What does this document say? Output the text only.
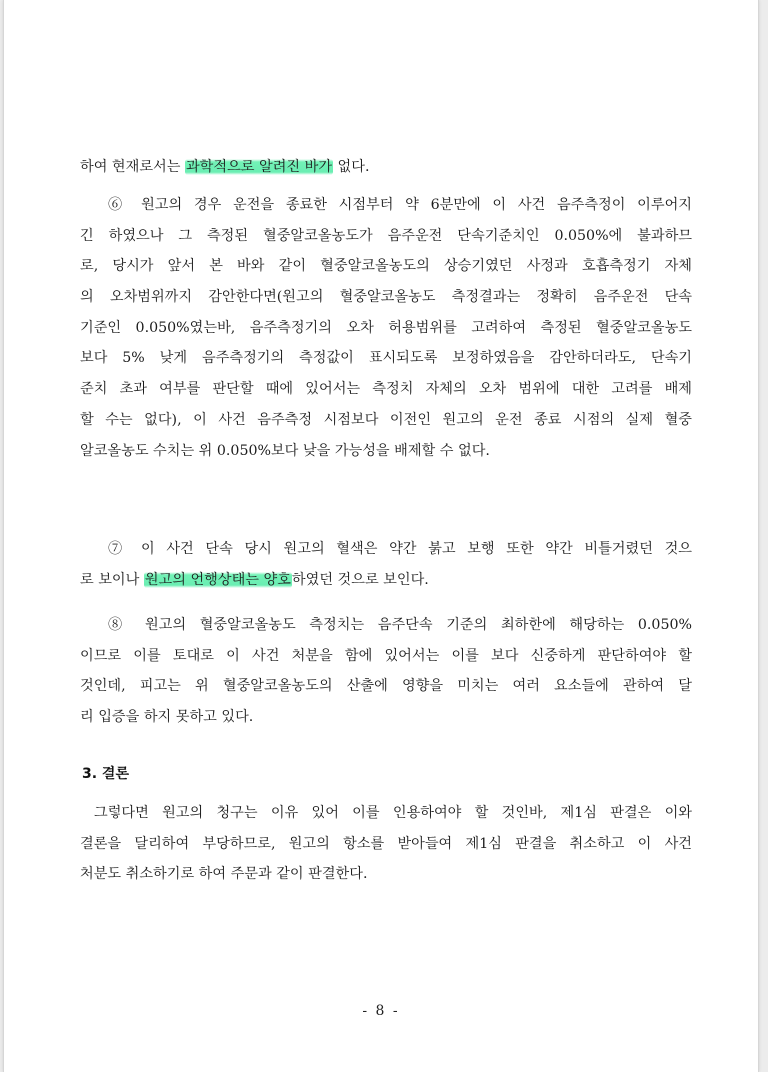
하여 현재로서는 과학적으로 알려진 바가 없다.
⑥ 원고의 경우 운전을 종료한 시점부터 약 6분만에 이 사건 음주측정이 이루어지
긴 하였으나 그 측정된 혈중알코올농도가 음주운전 단속기준치인 0.050%에 불과하므
로, 당시가 앞서 본 바와 같이 혈중알코올농도의 상승기였던 사정과 호흡측정기 자체
의 오차범위까지 감안한다면(원고의 혈중알코올농도 측정결과는 정확히 음주운전 단속
기준인 0.050%였는바, 음주측정기의 오차 허용범위를 고려하여 측정된 혈중알코올농도
보다 5% 낮게 음주측정기의 측정값이 표시되도록 보정하였음을 감안하더라도, 단속기
준치 초과 여부를 판단할 때에 있어서는 측정치 자체의 오차 범위에 대한 고려를 배제
할 수는 없다), 이 사건 음주측정 시점보다 이전인 원고의 운전 종료 시점의 실제 혈중
알코올농도 수치는 위 0.050%보다 낮을 가능성을 배제할 수 없다.
⑦ 이 사건 단속 당시 원고의 혈색은 약간 붉고 보행 또한 약간 비틀거렸던 것으
로 보이나 원고의 언행상태는 양호하였던 것으로 보인다.
⑧ 원고의 혈중알코올농도 측정치는 음주단속 기준의 최하한에 해당하는 0.050%
이므로 이를 토대로 이 사건 처분을 함에 있어서는 이를 보다 신중하게 판단하여야 할
것인데, 피고는 위 혈중알코올농도의 산출에 영향을 미치는 여러 요소들에 관하여 달
리 입증을 하지 못하고 있다.
3. 결론
그렇다면 원고의 청구는 이유 있어 이를 인용하여야 할 것인바, 제1심 판결은 이와
결론을 달리하여 부당하므로, 원고의 항소를 받아들여 제1심 판결을 취소하고 이 사건
처분도 취소하기로 하여 주문과 같이 판결한다.
- 8 -
